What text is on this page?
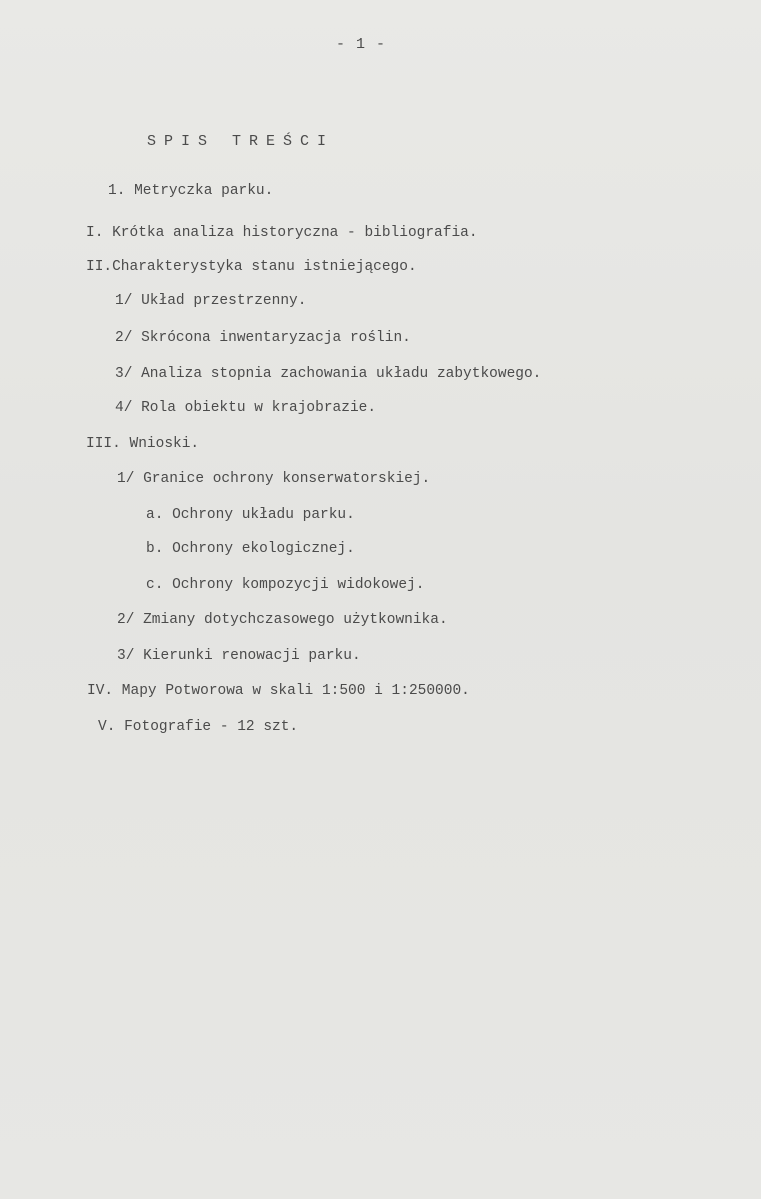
- 1 -
SPIS TREŚCI
1. Metryczka parku.
I. Krótka analiza historyczna - bibliografia.
II.Charakterystyka stanu istniejącego.
1/ Układ przestrzenny.
2/ Skrócona inwentaryzacja roślin.
3/ Analiza stopnia zachowania układu zabytkowego.
4/ Rola obiektu w krajobrazie.
III. Wnioski.
1/ Granice ochrony konserwatorskiej.
a. Ochrony układu parku.
b. Ochrony ekologicznej.
c. Ochrony kompozycji widokowej.
2/ Zmiany dotychczasowego użytkownika.
3/ Kierunki renowacji parku.
IV. Mapy Potworowa w skali 1:500 i 1:250000.
V. Fotografie - 12 szt.
